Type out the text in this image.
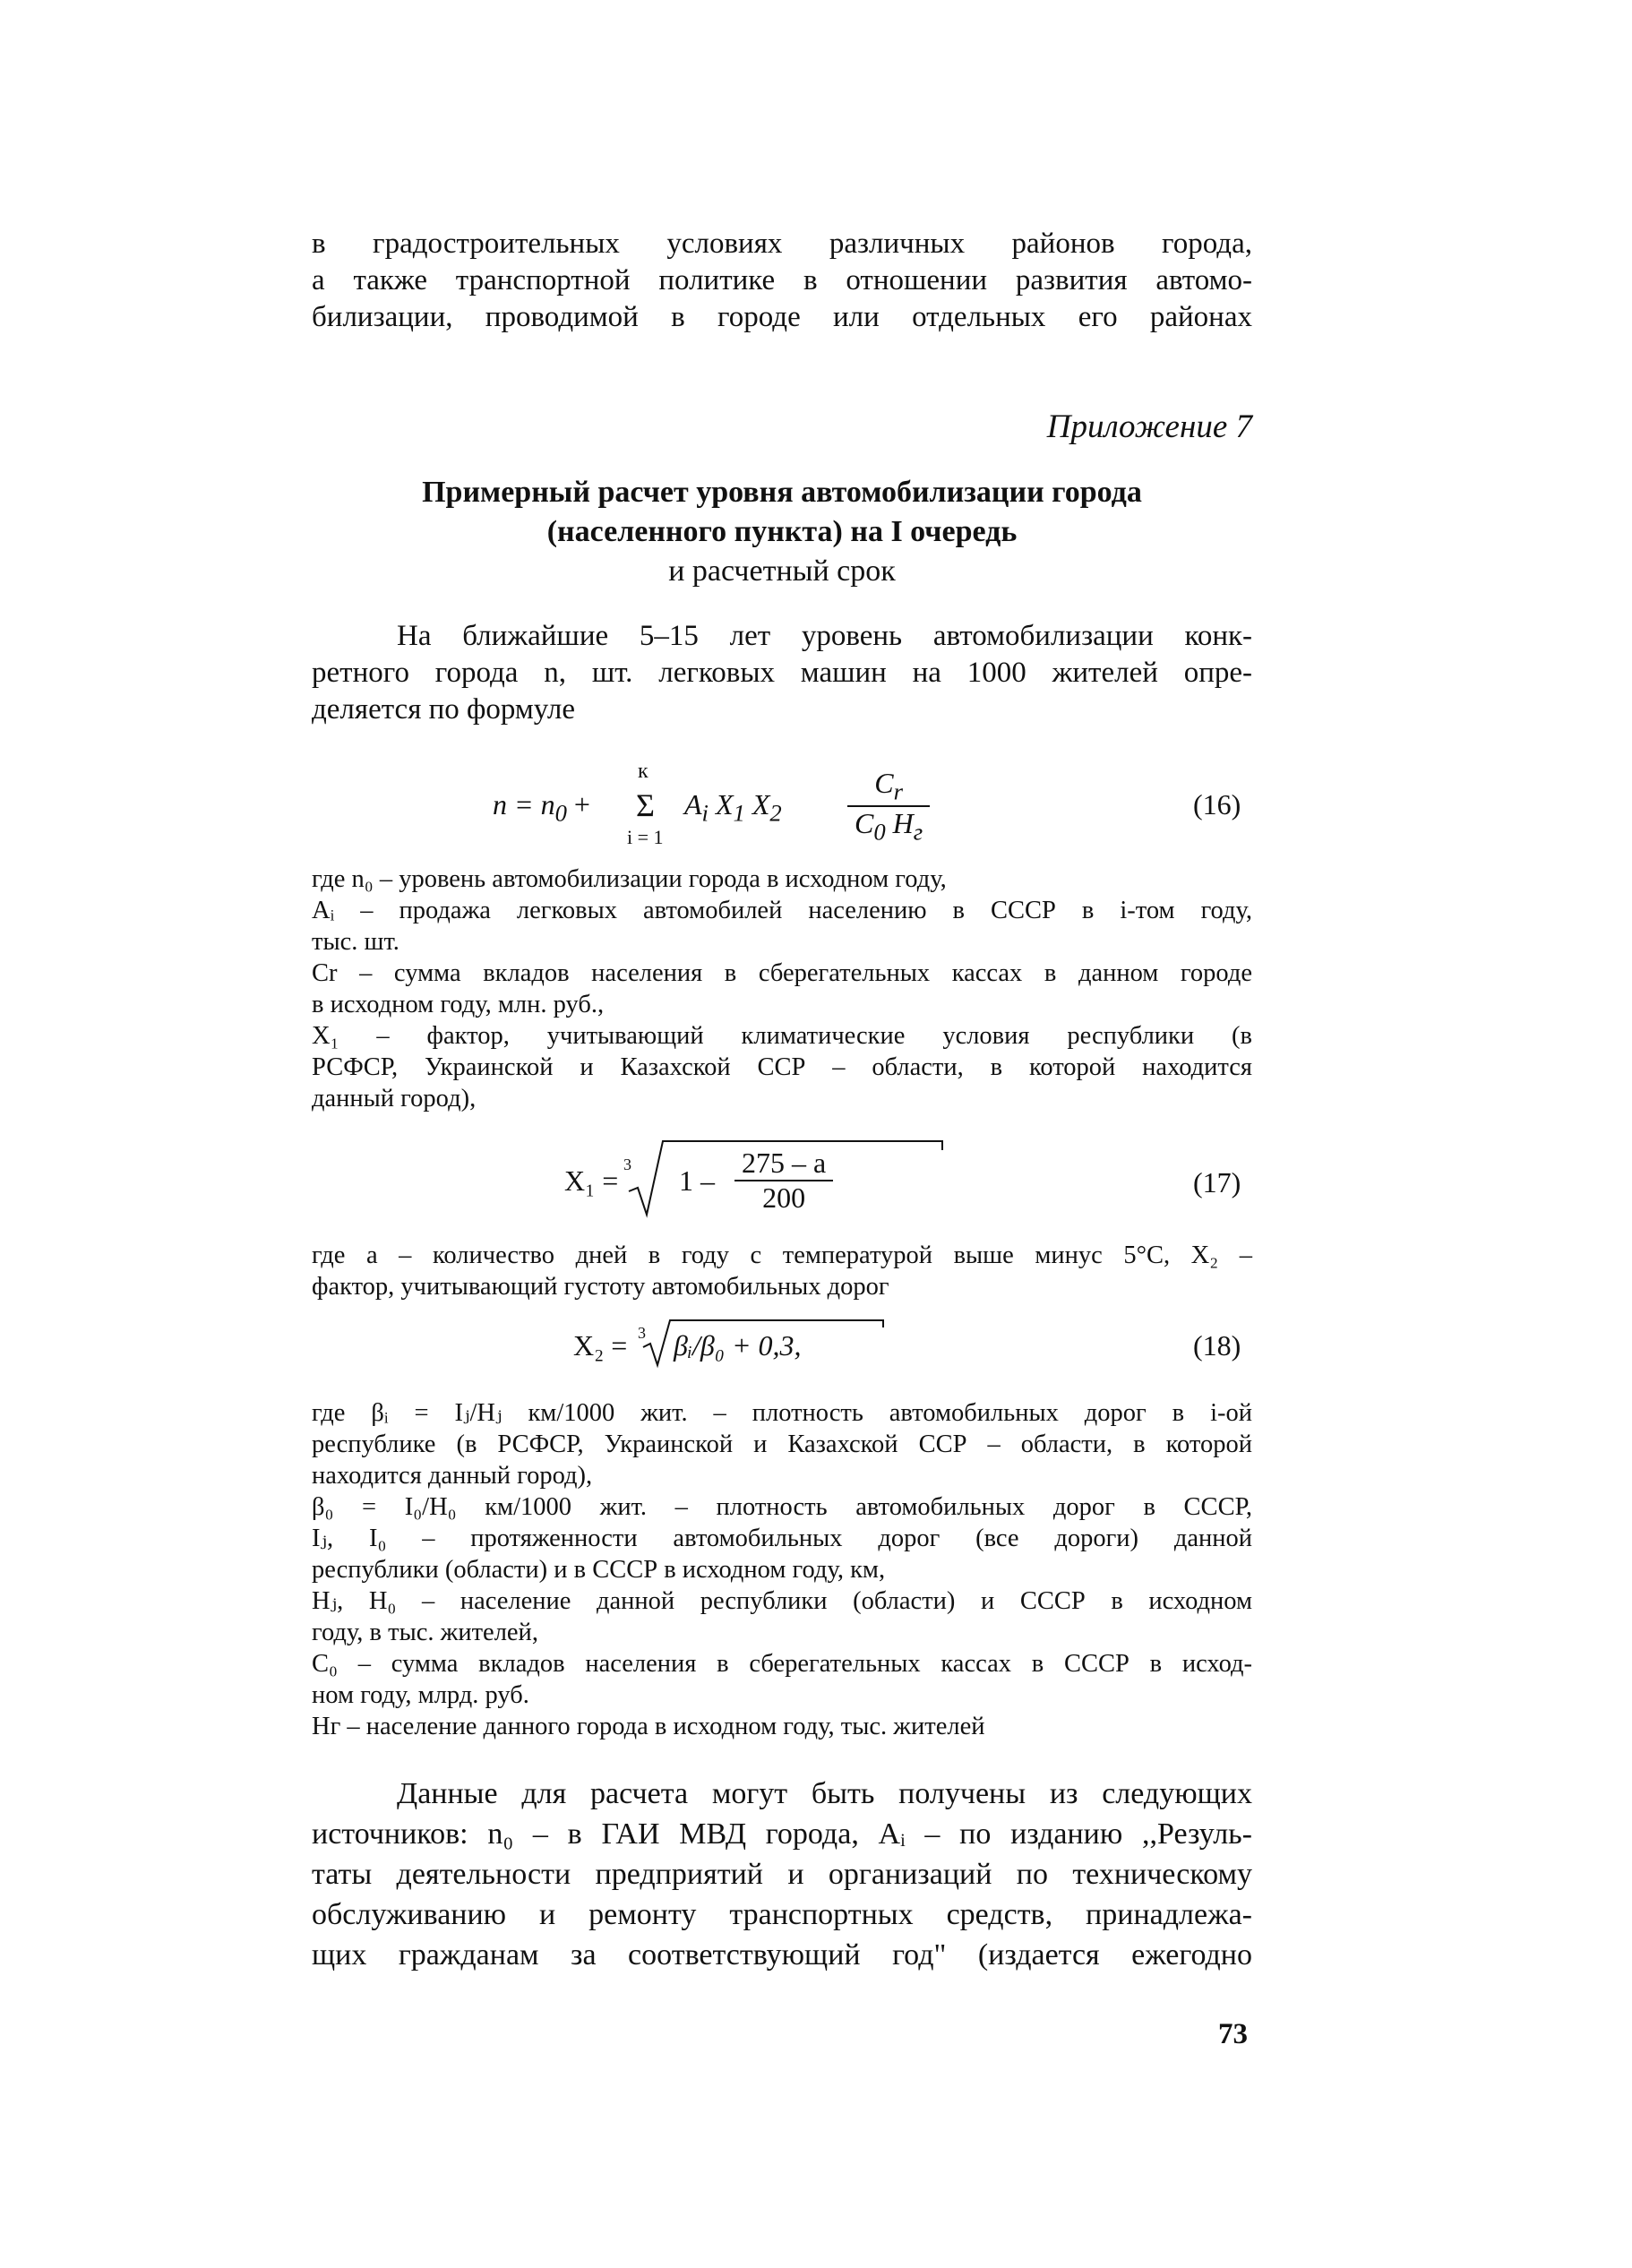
в градостроительных условиях различных районов города,
а также транспортной политике в отношении развития автомо-
билизации, проводимой в городе или отдельных его районах
Приложение 7
Примерный расчет уровня автомобилизации города
(населенного пункта) на I очередь
и расчетный срок
На ближайшие 5–15 лет уровень автомобилизации конк-
ретного города n, шт. легковых машин на 1000 жителей опре-
деляется по формуле
$n = n_0$ +
к
Σ
i = 1
$A_i$ $X_1$ $X_2$
$C_r$
$C_0$ $H_г$
(16)
где n₀ – уровень автомобилизации города в исходном году,
Aᵢ – продажа легковых автомобилей населению в СССР в i-том году,
тыс. шт.
Cr – сумма вкладов населения в сберегательных кассах в данном городе
в исходном году, млн. руб.,
X₁ – фактор, учитывающий климатические условия республики (в
РСФСР, Украинской и Казахской ССР – области, в которой находится
данный город),
X₁ = 3 $1 - \frac{275 - a}{200}$	(17)
где a – количество дней в году с температурой выше минус 5°С, X₂ –
фактор, учитывающий густоту автомобильных дорог
X₂ = 3 βᵢ/β₀ + 0,3,	(18)
где βᵢ = Iⱼ/Hⱼ км/1000 жит. – плотность автомобильных дорог в i-ой
республике (в РСФСР, Украинской и Казахской ССР – области, в которой
находится данный город),
β₀ = I₀/H₀ км/1000 жит. – плотность автомобильных дорог в СССР,
Iⱼ, I₀ – протяженности автомобильных дорог (все дороги) данной
республики (области) и в СССР в исходном году, км,
Hⱼ, H₀ – население данной республики (области) и СССР в исходном
году, в тыс. жителей,
C₀ – сумма вкладов населения в сберегательных кассах в СССР в исход-
ном году, млрд. руб.
Hг – население данного города в исходном году, тыс. жителей
Данные для расчета могут быть получены из следующих
источников: n₀ – в ГАИ МВД города, Aᵢ – по изданию ,,Резуль-
таты деятельности предприятий и организаций по техническому
обслуживанию и ремонту транспортных средств, принадлежа-
щих гражданам за соответствующий год" (издается ежегодно
73
